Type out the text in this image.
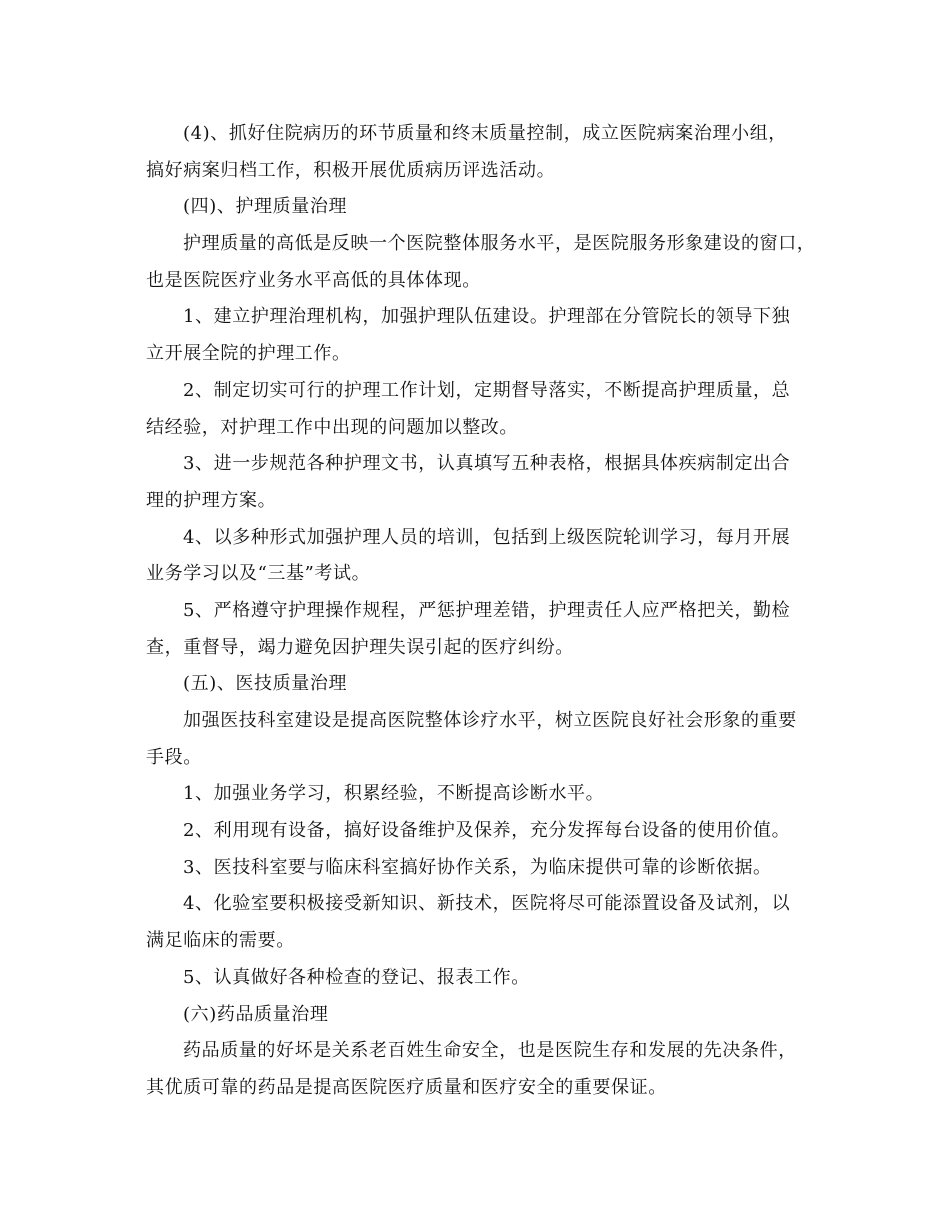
(4)、抓好住院病历的环节质量和终末质量控制，成立医院病案治理小组，
搞好病案归档工作，积极开展优质病历评选活动。
(四)、护理质量治理
护理质量的高低是反映一个医院整体服务水平，是医院服务形象建设的窗口，
也是医院医疗业务水平高低的具体体现。
1、建立护理治理机构，加强护理队伍建设。护理部在分管院长的领导下独
立开展全院的护理工作。
2、制定切实可行的护理工作计划，定期督导落实，不断提高护理质量，总
结经验，对护理工作中出现的问题加以整改。
3、进一步规范各种护理文书，认真填写五种表格，根据具体疾病制定出合
理的护理方案。
4、以多种形式加强护理人员的培训，包括到上级医院轮训学习，每月开展
业务学习以及“三基”考试。
5、严格遵守护理操作规程，严惩护理差错，护理责任人应严格把关，勤检
查，重督导，竭力避免因护理失误引起的医疗纠纷。
(五)、医技质量治理
加强医技科室建设是提高医院整体诊疗水平，树立医院良好社会形象的重要
手段。
1、加强业务学习，积累经验，不断提高诊断水平。
2、利用现有设备，搞好设备维护及保养，充分发挥每台设备的使用价值。
3、医技科室要与临床科室搞好协作关系，为临床提供可靠的诊断依据。
4、化验室要积极接受新知识、新技术，医院将尽可能添置设备及试剂，以
满足临床的需要。
5、认真做好各种检查的登记、报表工作。
(六)药品质量治理
药品质量的好坏是关系老百姓生命安全，也是医院生存和发展的先决条件，
其优质可靠的药品是提高医院医疗质量和医疗安全的重要保证。
